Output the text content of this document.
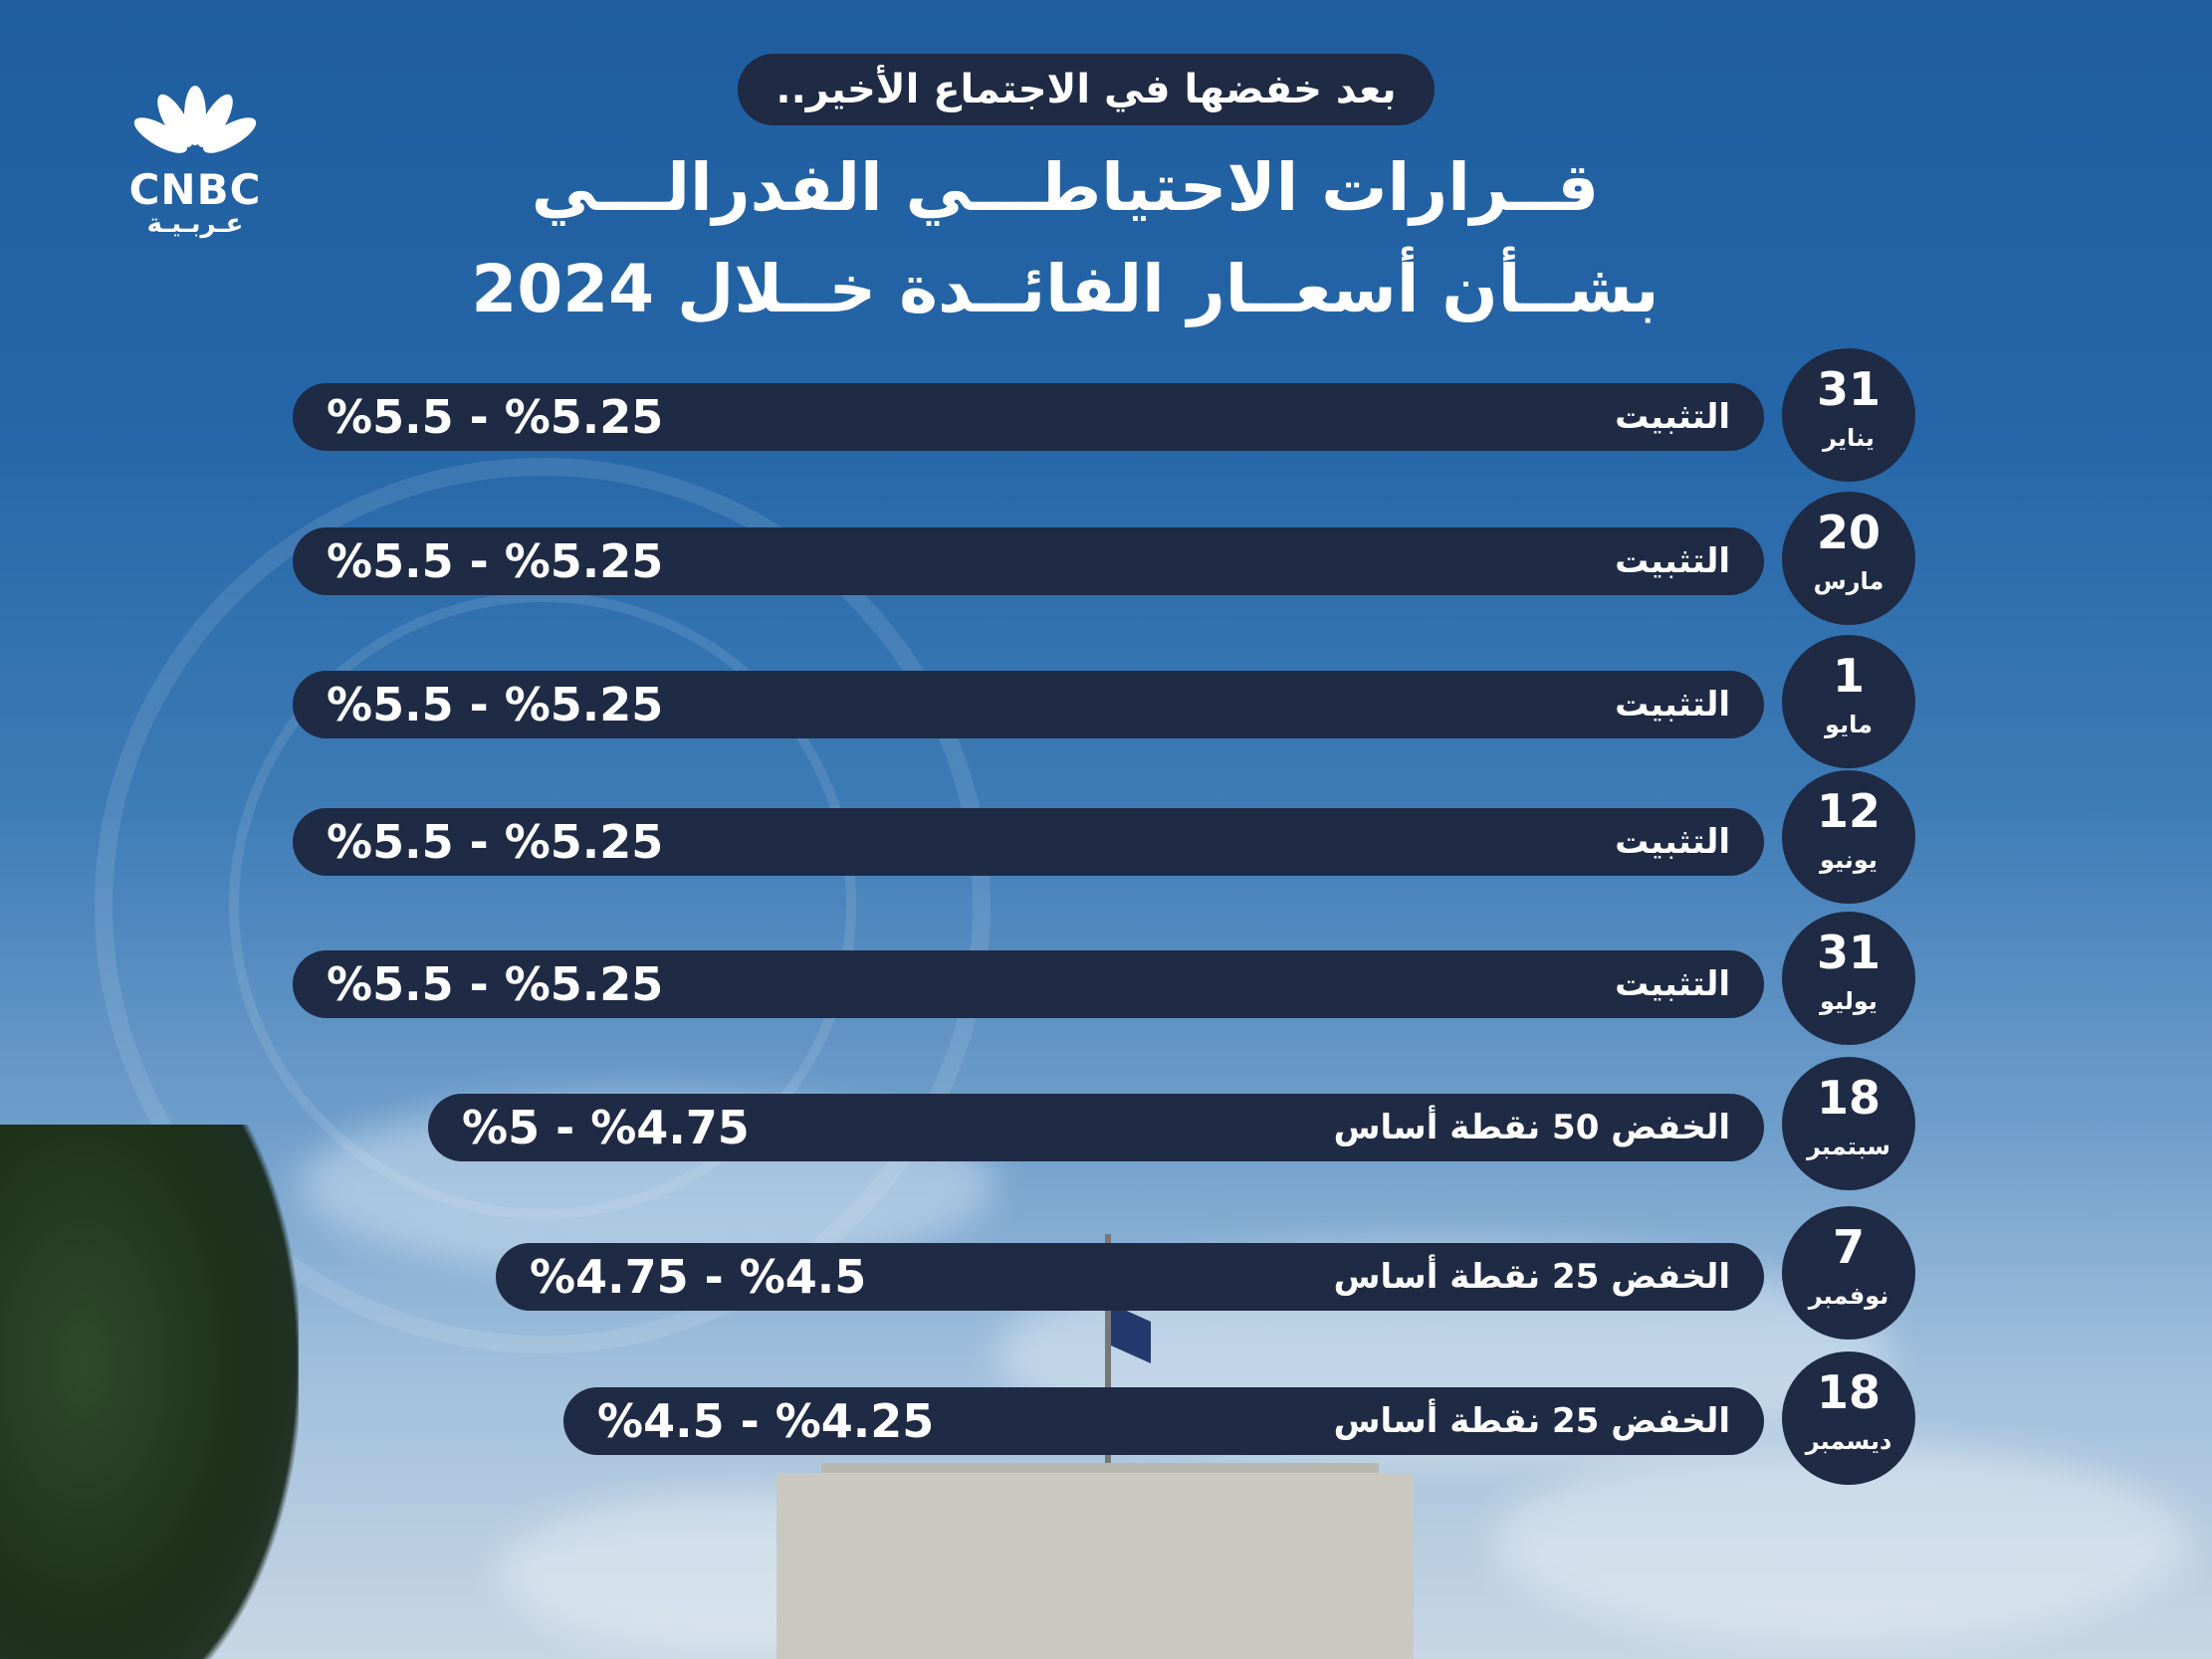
CNBC
عـربـيـة
بعد خفضها في الاجتماع الأخير..
قــرارات الاحتياطـــي الفدرالـــي
بشــأن أسعــار الفائــدة خــلال 2024
التثبيت
%5.5 - %5.25
31
يناير
التثبيت
%5.5 - %5.25
20
مارس
التثبيت
%5.5 - %5.25
1
مايو
التثبيت
%5.5 - %5.25
12
يونيو
التثبيت
%5.5 - %5.25
31
يوليو
الخفض 50 نقطة أساس
%5 - %4.75
18
سبتمبر
الخفض 25 نقطة أساس
%4.75 - %4.5
7
نوفمبر
الخفض 25 نقطة أساس
%4.5 - %4.25
18
ديسمبر
